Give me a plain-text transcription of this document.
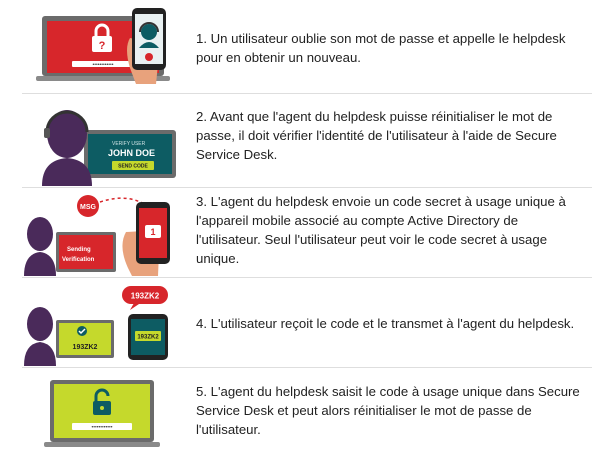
?
••••••••••••
1. Un utilisateur oublie son mot de passe et appelle le helpdesk pour en obtenir un nouveau.
VERIFY USER
JOHN DOE
SEND CODE
2. Avant que l'agent du helpdesk puisse réinitialiser le mot de passe, il doit vérifier l'identité de l'utilisateur à l'aide de Secure Service Desk.
Sending
Verification
MSG
1
3. L'agent du helpdesk envoie un code secret à usage unique à l'appareil mobile associé au compte Active Directory de l'utilisateur. Seul l'utilisateur peut voir le code secret à usage unique.
193ZK2
193ZK2
193ZK2
4. L'utilisateur reçoit le code et le transmet à l'agent du helpdesk.
••••••••••••
5. L'agent du helpdesk saisit le code à usage unique dans Secure Service Desk et peut alors réinitialiser le mot de passe de l'utilisateur.
